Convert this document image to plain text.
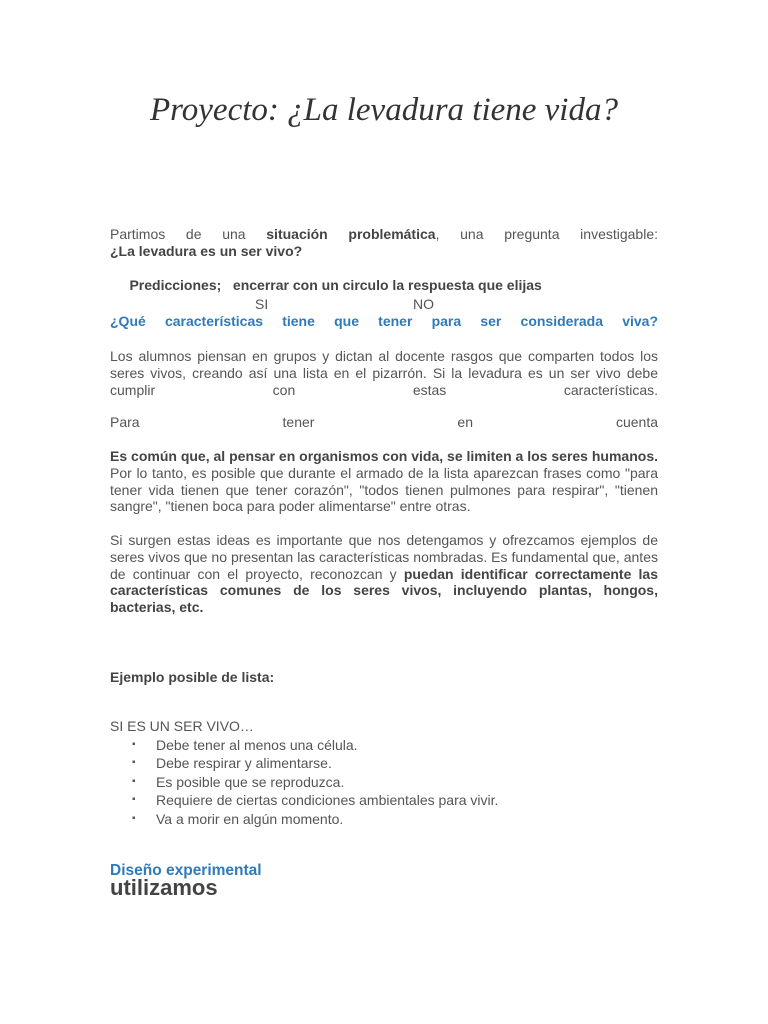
Proyecto: ¿La levadura tiene vida?
Partimos de una situación problemática, una pregunta investigable:
¿La levadura es un ser vivo?

Predicciones;   encerrar con un circulo la respuesta que elijas

SI	NO
¿Qué características tiene que tener para ser considerada viva?
Los alumnos piensan en grupos y dictan al docente rasgos que comparten todos los seres vivos, creando así una lista en el pizarrón. Si la levadura es un ser vivo debe cumplir con estas características.
Para tener en cuenta
Es común que, al pensar en organismos con vida, se limiten a los seres humanos. Por lo tanto, es posible que durante el armado de la lista aparezcan frases como "para tener vida tienen que tener corazón", "todos tienen pulmones para respirar", "tienen sangre", "tienen boca para poder alimentarse" entre otras.
Si surgen estas ideas es importante que nos detengamos y ofrezcamos ejemplos de seres vivos que no presentan las características nombradas. Es fundamental que, antes de continuar con el proyecto, reconozcan y puedan identificar correctamente las características comunes de los seres vivos, incluyendo plantas, hongos, bacterias, etc.
Ejemplo posible de lista:
SI ES UN SER VIVO…
▪ Debe tener al menos una célula.
▪ Debe respirar y alimentarse.
▪ Es posible que se reproduzca.
▪ Requiere de ciertas condiciones ambientales para vivir.
▪ Va a morir en algún momento.
Diseño experimental
utilizamos
